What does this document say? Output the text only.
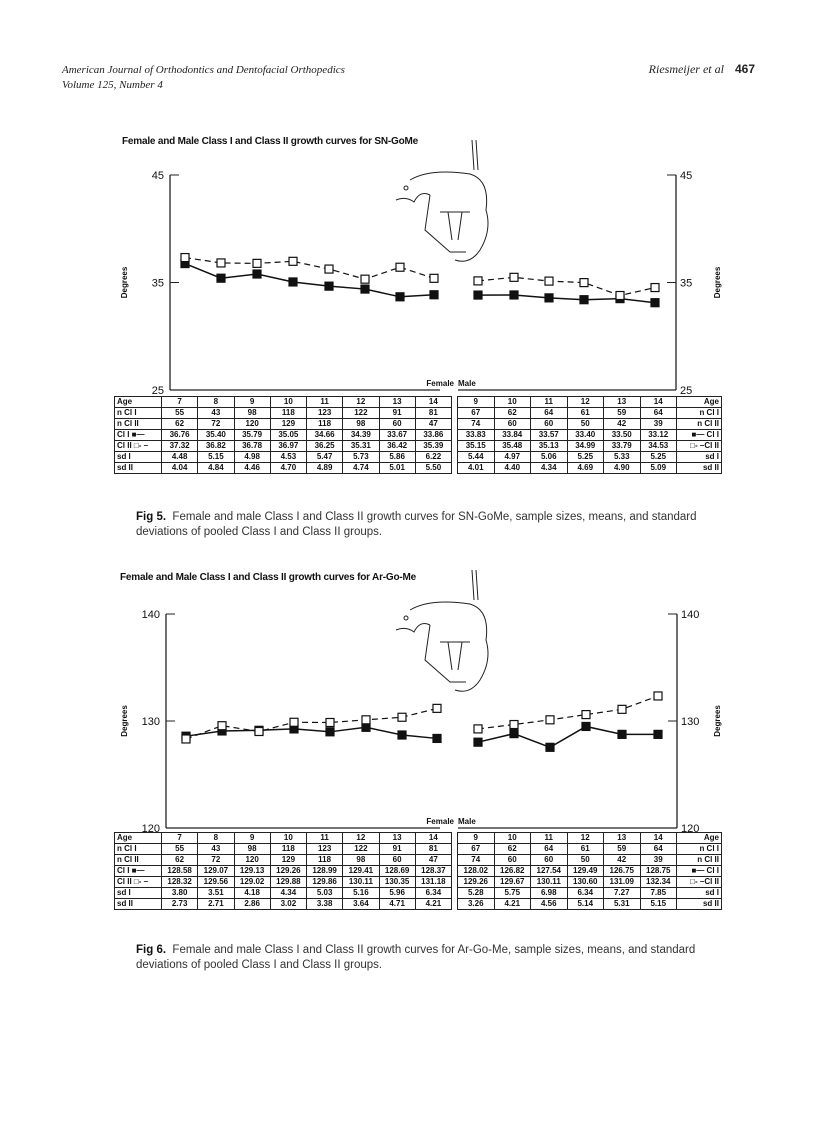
American Journal of Orthodontics and Dentofacial Orthopedics
Volume 125, Number 4
Riesmeijer et al 467
Female and Male Class I and Class II growth curves for SN-GoMe
45	45
35	35
25	25
Degrees	Degrees
Female Male
Age	7	8	9	10	11	12	13	14
n Cl I	55	43	98	118	123	122	91	81
n Cl II	62	72	120	129	118	98	60	47
Cl I ■—	36.76	35.40	35.79	35.05	34.66	34.39	33.67	33.86
Cl II □- –	37.32	36.82	36.78	36.97	36.25	35.31	36.42	35.39
sd I	4.48	5.15	4.98	4.53	5.47	5.73	5.86	6.22
sd II	4.04	4.84	4.46	4.70	4.89	4.74	5.01	5.50
9	10	11	12	13	14	Age
67	62	64	61	59	64	n Cl I
74	60	60	50	42	39	n Cl II
33.83	33.84	33.57	33.40	33.50	33.12	■— Cl I
35.15	35.48	35.13	34.99	33.79	34.53	□- –Cl II
5.44	4.97	5.06	5.25	5.33	5.25	sd I
4.01	4.40	4.34	4.69	4.90	5.09	sd II
Fig 5. Female and male Class I and Class II growth curves for SN-GoMe, sample sizes, means, and standard deviations of pooled Class I and Class II groups.
Female and Male Class I and Class II growth curves for Ar-Go-Me
140	140
130	130
120	120
Degrees	Degrees
Female Male
Age	7	8	9	10	11	12	13	14
n Cl I	55	43	98	118	123	122	91	81
n Cl II	62	72	120	129	118	98	60	47
Cl I ■—	128.58	129.07	129.13	129.26	128.99	129.41	128.69	128.37
Cl II □- –	128.32	129.56	129.02	129.88	129.86	130.11	130.35	131.18
sd I	3.80	3.51	4.18	4.34	5.03	5.16	5.96	6.34
sd II	2.73	2.71	2.86	3.02	3.38	3.64	4.71	4.21
9	10	11	12	13	14	Age
67	62	64	61	59	64	n Cl I
74	60	60	50	42	39	n Cl II
128.02	126.82	127.54	129.49	126.75	128.75	■— Cl I
129.26	129.67	130.11	130.60	131.09	132.34	□- –Cl II
5.28	5.75	6.98	6.34	7.27	7.85	sd I
3.26	4.21	4.56	5.14	5.31	5.15	sd II
Fig 6. Female and male Class I and Class II growth curves for Ar-Go-Me, sample sizes, means, and standard deviations of pooled Class I and Class II groups.
